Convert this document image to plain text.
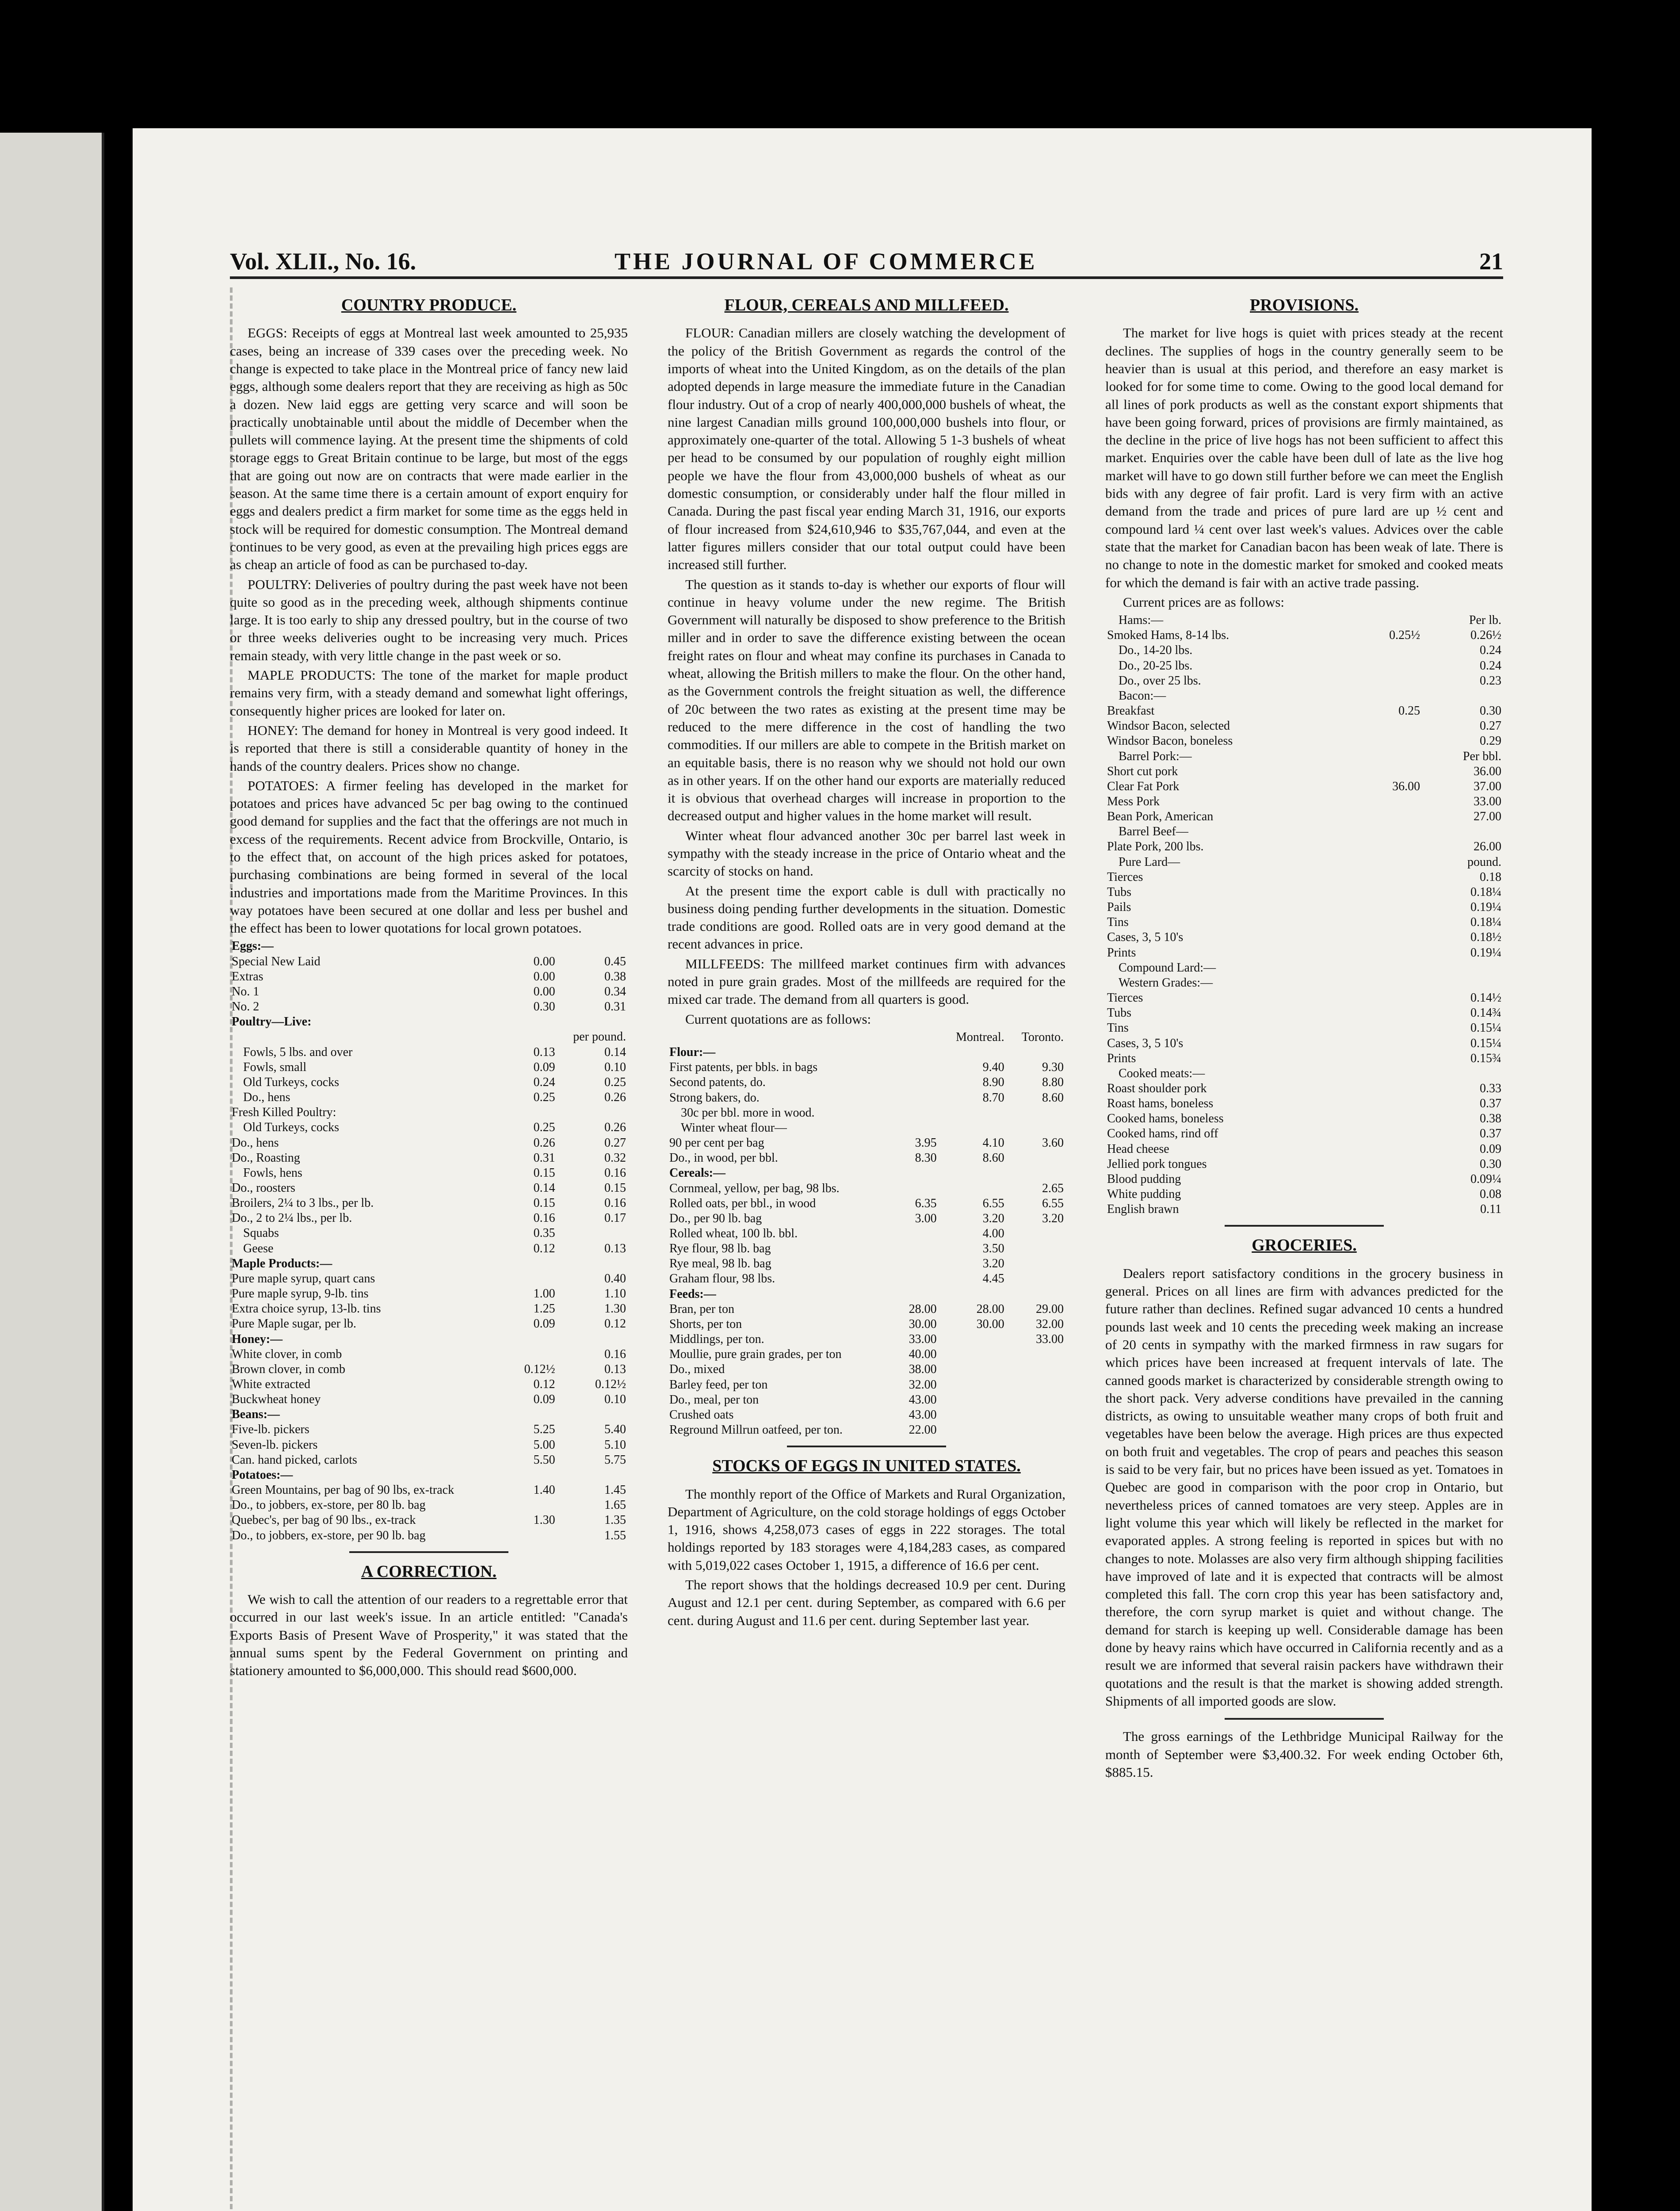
Vol. XLII., No. 16.	THE JOURNAL OF COMMERCE	21
COUNTRY PRODUCE.

EGGS: Receipts of eggs at Montreal last week amounted to 25,935 cases, being an increase of 339 cases over the preceding week. No change is expected to take place in the Montreal price of fancy new laid eggs, although some dealers report that they are receiving as high as 50c a dozen. New laid eggs are getting very scarce and will soon be practically unobtainable until about the middle of December when the pullets will commence laying. At the present time the shipments of cold storage eggs to Great Britain continue to be large, but most of the eggs that are going out now are on contracts that were made earlier in the season. At the same time there is a certain amount of export enquiry for eggs and dealers predict a firm market for some time as the eggs held in stock will be required for domestic consumption. The Montreal demand continues to be very good, as even at the prevailing high prices eggs are as cheap an article of food as can be purchased to-day.

POULTRY: Deliveries of poultry during the past week have not been quite so good as in the preceding week, although shipments continue large. It is too early to ship any dressed poultry, but in the course of two or three weeks deliveries ought to be increasing very much. Prices remain steady, with very little change in the past week or so.

MAPLE PRODUCTS: The tone of the market for maple product remains very firm, with a steady demand and somewhat light offerings, consequently higher prices are looked for later on.

HONEY: The demand for honey in Montreal is very good indeed. It is reported that there is still a considerable quantity of honey in the hands of the country dealers. Prices show no change.

POTATOES: A firmer feeling has developed in the market for potatoes and prices have advanced 5c per bag owing to the continued good demand for supplies and the fact that the offerings are not much in excess of the requirements. Recent advice from Brockville, Ontario, is to the effect that, on account of the high prices asked for potatoes, purchasing combinations are being formed in several of the local industries and importations made from the Maritime Provinces. In this way potatoes have been secured at one dollar and less per bushel and the effect has been to lower quotations for local grown potatoes.

Eggs:—		
Special New Laid	0.00	0.45
Extras	0.00	0.38
No. 1	0.00	0.34
No. 2	0.30	0.31
Poultry—Live:		
		per pound.
Fowls, 5 lbs. and over	0.13	0.14
Fowls, small	0.09	0.10
Old Turkeys, cocks	0.24	0.25
Do., hens	0.25	0.26
Fresh Killed Poultry:		
Old Turkeys, cocks	0.25	0.26
Do., hens	0.26	0.27
Do., Roasting	0.31	0.32
Fowls, hens	0.15	0.16
Do., roosters	0.14	0.15
Broilers, 2¼ to 3 lbs., per lb.	0.15	0.16
Do., 2 to 2¼ lbs., per lb.	0.16	0.17
Squabs	0.35	
Geese	0.12	0.13
Maple Products:—		
Pure maple syrup, quart cans		0.40
Pure maple syrup, 9-lb. tins	1.00	1.10
Extra choice syrup, 13-lb. tins	1.25	1.30
Pure Maple sugar, per lb.	0.09	0.12
Honey:—		
White clover, in comb		0.16
Brown clover, in comb	0.12½	0.13
White extracted	0.12	0.12½
Buckwheat honey	0.09	0.10
Beans:—		
Five-lb. pickers	5.25	5.40
Seven-lb. pickers	5.00	5.10
Can. hand picked, carlots	5.50	5.75
Potatoes:—		
Green Mountains, per bag of 90 lbs, ex-track	1.40	1.45
Do., to jobbers, ex-store, per 80 lb. bag		1.65
Quebec's, per bag of 90 lbs., ex-track	1.30	1.35
Do., to jobbers, ex-store, per 90 lb. bag		1.55
A CORRECTION.

We wish to call the attention of our readers to a regrettable error that occurred in our last week's issue. In an article entitled: "Canada's Exports Basis of Present Wave of Prosperity," it was stated that the annual sums spent by the Federal Government on printing and stationery amounted to $6,000,000. This should read $600,000.

FLOUR, CEREALS AND MILLFEED.

FLOUR: Canadian millers are closely watching the development of the policy of the British Government as regards the control of the imports of wheat into the United Kingdom, as on the details of the plan adopted depends in large measure the immediate future in the Canadian flour industry. Out of a crop of nearly 400,000,000 bushels of wheat, the nine largest Canadian mills ground 100,000,000 bushels into flour, or approximately one-quarter of the total. Allowing 5 1-3 bushels of wheat per head to be consumed by our population of roughly eight million people we have the flour from 43,000,000 bushels of wheat as our domestic consumption, or considerably under half the flour milled in Canada. During the past fiscal year ending March 31, 1916, our exports of flour increased from $24,610,946 to $35,767,044, and even at the latter figures millers consider that our total output could have been increased still further.

The question as it stands to-day is whether our exports of flour will continue in heavy volume under the new regime. The British Government will naturally be disposed to show preference to the British miller and in order to save the difference existing between the ocean freight rates on flour and wheat may confine its purchases in Canada to wheat, allowing the British millers to make the flour. On the other hand, as the Government controls the freight situation as well, the difference of 20c between the two rates as existing at the present time may be reduced to the mere difference in the cost of handling the two commodities. If our millers are able to compete in the British market on an equitable basis, there is no reason why we should not hold our own as in other years. If on the other hand our exports are materially reduced it is obvious that overhead charges will increase in proportion to the decreased output and higher values in the home market will result.

Winter wheat flour advanced another 30c per barrel last week in sympathy with the steady increase in the price of Ontario wheat and the scarcity of stocks on hand.

At the present time the export cable is dull with practically no business doing pending further developments in the situation. Domestic trade conditions are good. Rolled oats are in very good demand at the recent advances in price.

MILLFEEDS: The millfeed market continues firm with advances noted in pure grain grades. Most of the millfeeds are required for the mixed car trade. The demand from all quarters is good.

Current quotations are as follows:

		Montreal.	Toronto.
Flour:—			
First patents, per bbls. in bags		9.40	9.30
Second patents, do.		8.90	8.80
Strong bakers, do.		8.70	8.60
30c per bbl. more in wood.			
Winter wheat flour—			
90 per cent per bag	3.95	4.10	3.60
Do., in wood, per bbl.	8.30	8.60	
Cereals:—			
Cornmeal, yellow, per bag, 98 lbs.			2.65
Rolled oats, per bbl., in wood	6.35	6.55	6.55
Do., per 90 lb. bag	3.00	3.20	3.20
Rolled wheat, 100 lb. bbl.		4.00	
Rye flour, 98 lb. bag		3.50	
Rye meal, 98 lb. bag		3.20	
Graham flour, 98 lbs.		4.45	
Feeds:—			
Bran, per ton	28.00	28.00	29.00
Shorts, per ton	30.00	30.00	32.00
Middlings, per ton.	33.00		33.00
Moullie, pure grain grades, per ton	40.00		
Do., mixed	38.00		
Barley feed, per ton	32.00		
Do., meal, per ton	43.00		
Crushed oats	43.00		
Reground Millrun oatfeed, per ton.	22.00		
STOCKS OF EGGS IN UNITED STATES.

The monthly report of the Office of Markets and Rural Organization, Department of Agriculture, on the cold storage holdings of eggs October 1, 1916, shows 4,258,073 cases of eggs in 222 storages. The total holdings reported by 183 storages were 4,184,283 cases, as compared with 5,019,022 cases October 1, 1915, a difference of 16.6 per cent.

The report shows that the holdings decreased 10.9 per cent. During August and 12.1 per cent. during September, as compared with 6.6 per cent. during August and 11.6 per cent. during September last year.

PROVISIONS.

The market for live hogs is quiet with prices steady at the recent declines. The supplies of hogs in the country generally seem to be heavier than is usual at this period, and therefore an easy market is looked for for some time to come. Owing to the good local demand for all lines of pork products as well as the constant export shipments that have been going forward, prices of provisions are firmly maintained, as the decline in the price of live hogs has not been sufficient to affect this market. Enquiries over the cable have been dull of late as the live hog market will have to go down still further before we can meet the English bids with any degree of fair profit. Lard is very firm with an active demand from the trade and prices of pure lard are up ½ cent and compound lard ¼ cent over last week's values. Advices over the cable state that the market for Canadian bacon has been weak of late. There is no change to note in the domestic market for smoked and cooked meats for which the demand is fair with an active trade passing.

Current prices are as follows:

Hams:—		Per lb.
Smoked Hams, 8-14 lbs.	0.25½	0.26½
Do., 14-20 lbs.		0.24
Do., 20-25 lbs.		0.24
Do., over 25 lbs.		0.23
Bacon:—		
Breakfast	0.25	0.30
Windsor Bacon, selected		0.27
Windsor Bacon, boneless		0.29
Barrel Pork:—		Per bbl.
Short cut pork		36.00
Clear Fat Pork	36.00	37.00
Mess Pork		33.00
Bean Pork, American		27.00
Barrel Beef—		
Plate Pork, 200 lbs.		26.00
Pure Lard—		pound.
Tierces		0.18
Tubs		0.18¼
Pails		0.19¼
Tins		0.18¼
Cases, 3, 5 10's		0.18½
Prints		0.19¼
Compound Lard:—		
Western Grades:—		
Tierces		0.14½
Tubs		0.14¾
Tins		0.15¼
Cases, 3, 5 10's		0.15¼
Prints		0.15¾
Cooked meats:—		
Roast shoulder pork		0.33
Roast hams, boneless		0.37
Cooked hams, boneless		0.38
Cooked hams, rind off		0.37
Head cheese		0.09
Jellied pork tongues		0.30
Blood pudding		0.09¼
White pudding		0.08
English brawn		0.11
GROCERIES.

Dealers report satisfactory conditions in the grocery business in general. Prices on all lines are firm with advances predicted for the future rather than declines. Refined sugar advanced 10 cents a hundred pounds last week and 10 cents the preceding week making an increase of 20 cents in sympathy with the marked firmness in raw sugars for which prices have been increased at frequent intervals of late. The canned goods market is characterized by considerable strength owing to the short pack. Very adverse conditions have prevailed in the canning districts, as owing to unsuitable weather many crops of both fruit and vegetables have been below the average. High prices are thus expected on both fruit and vegetables. The crop of pears and peaches this season is said to be very fair, but no prices have been issued as yet. Tomatoes in Quebec are good in comparison with the poor crop in Ontario, but nevertheless prices of canned tomatoes are very steep. Apples are in light volume this year which will likely be reflected in the market for evaporated apples. A strong feeling is reported in spices but with no changes to note. Molasses are also very firm although shipping facilities have improved of late and it is expected that contracts will be almost completed this fall. The corn crop this year has been satisfactory and, therefore, the corn syrup market is quiet and without change. The demand for starch is keeping up well. Considerable damage has been done by heavy rains which have occurred in California recently and as a result we are informed that several raisin packers have withdrawn their quotations and the result is that the market is showing added strength. Shipments of all imported goods are slow.

The gross earnings of the Lethbridge Municipal Railway for the month of September were $3,400.32. For week ending October 6th, $885.15.
